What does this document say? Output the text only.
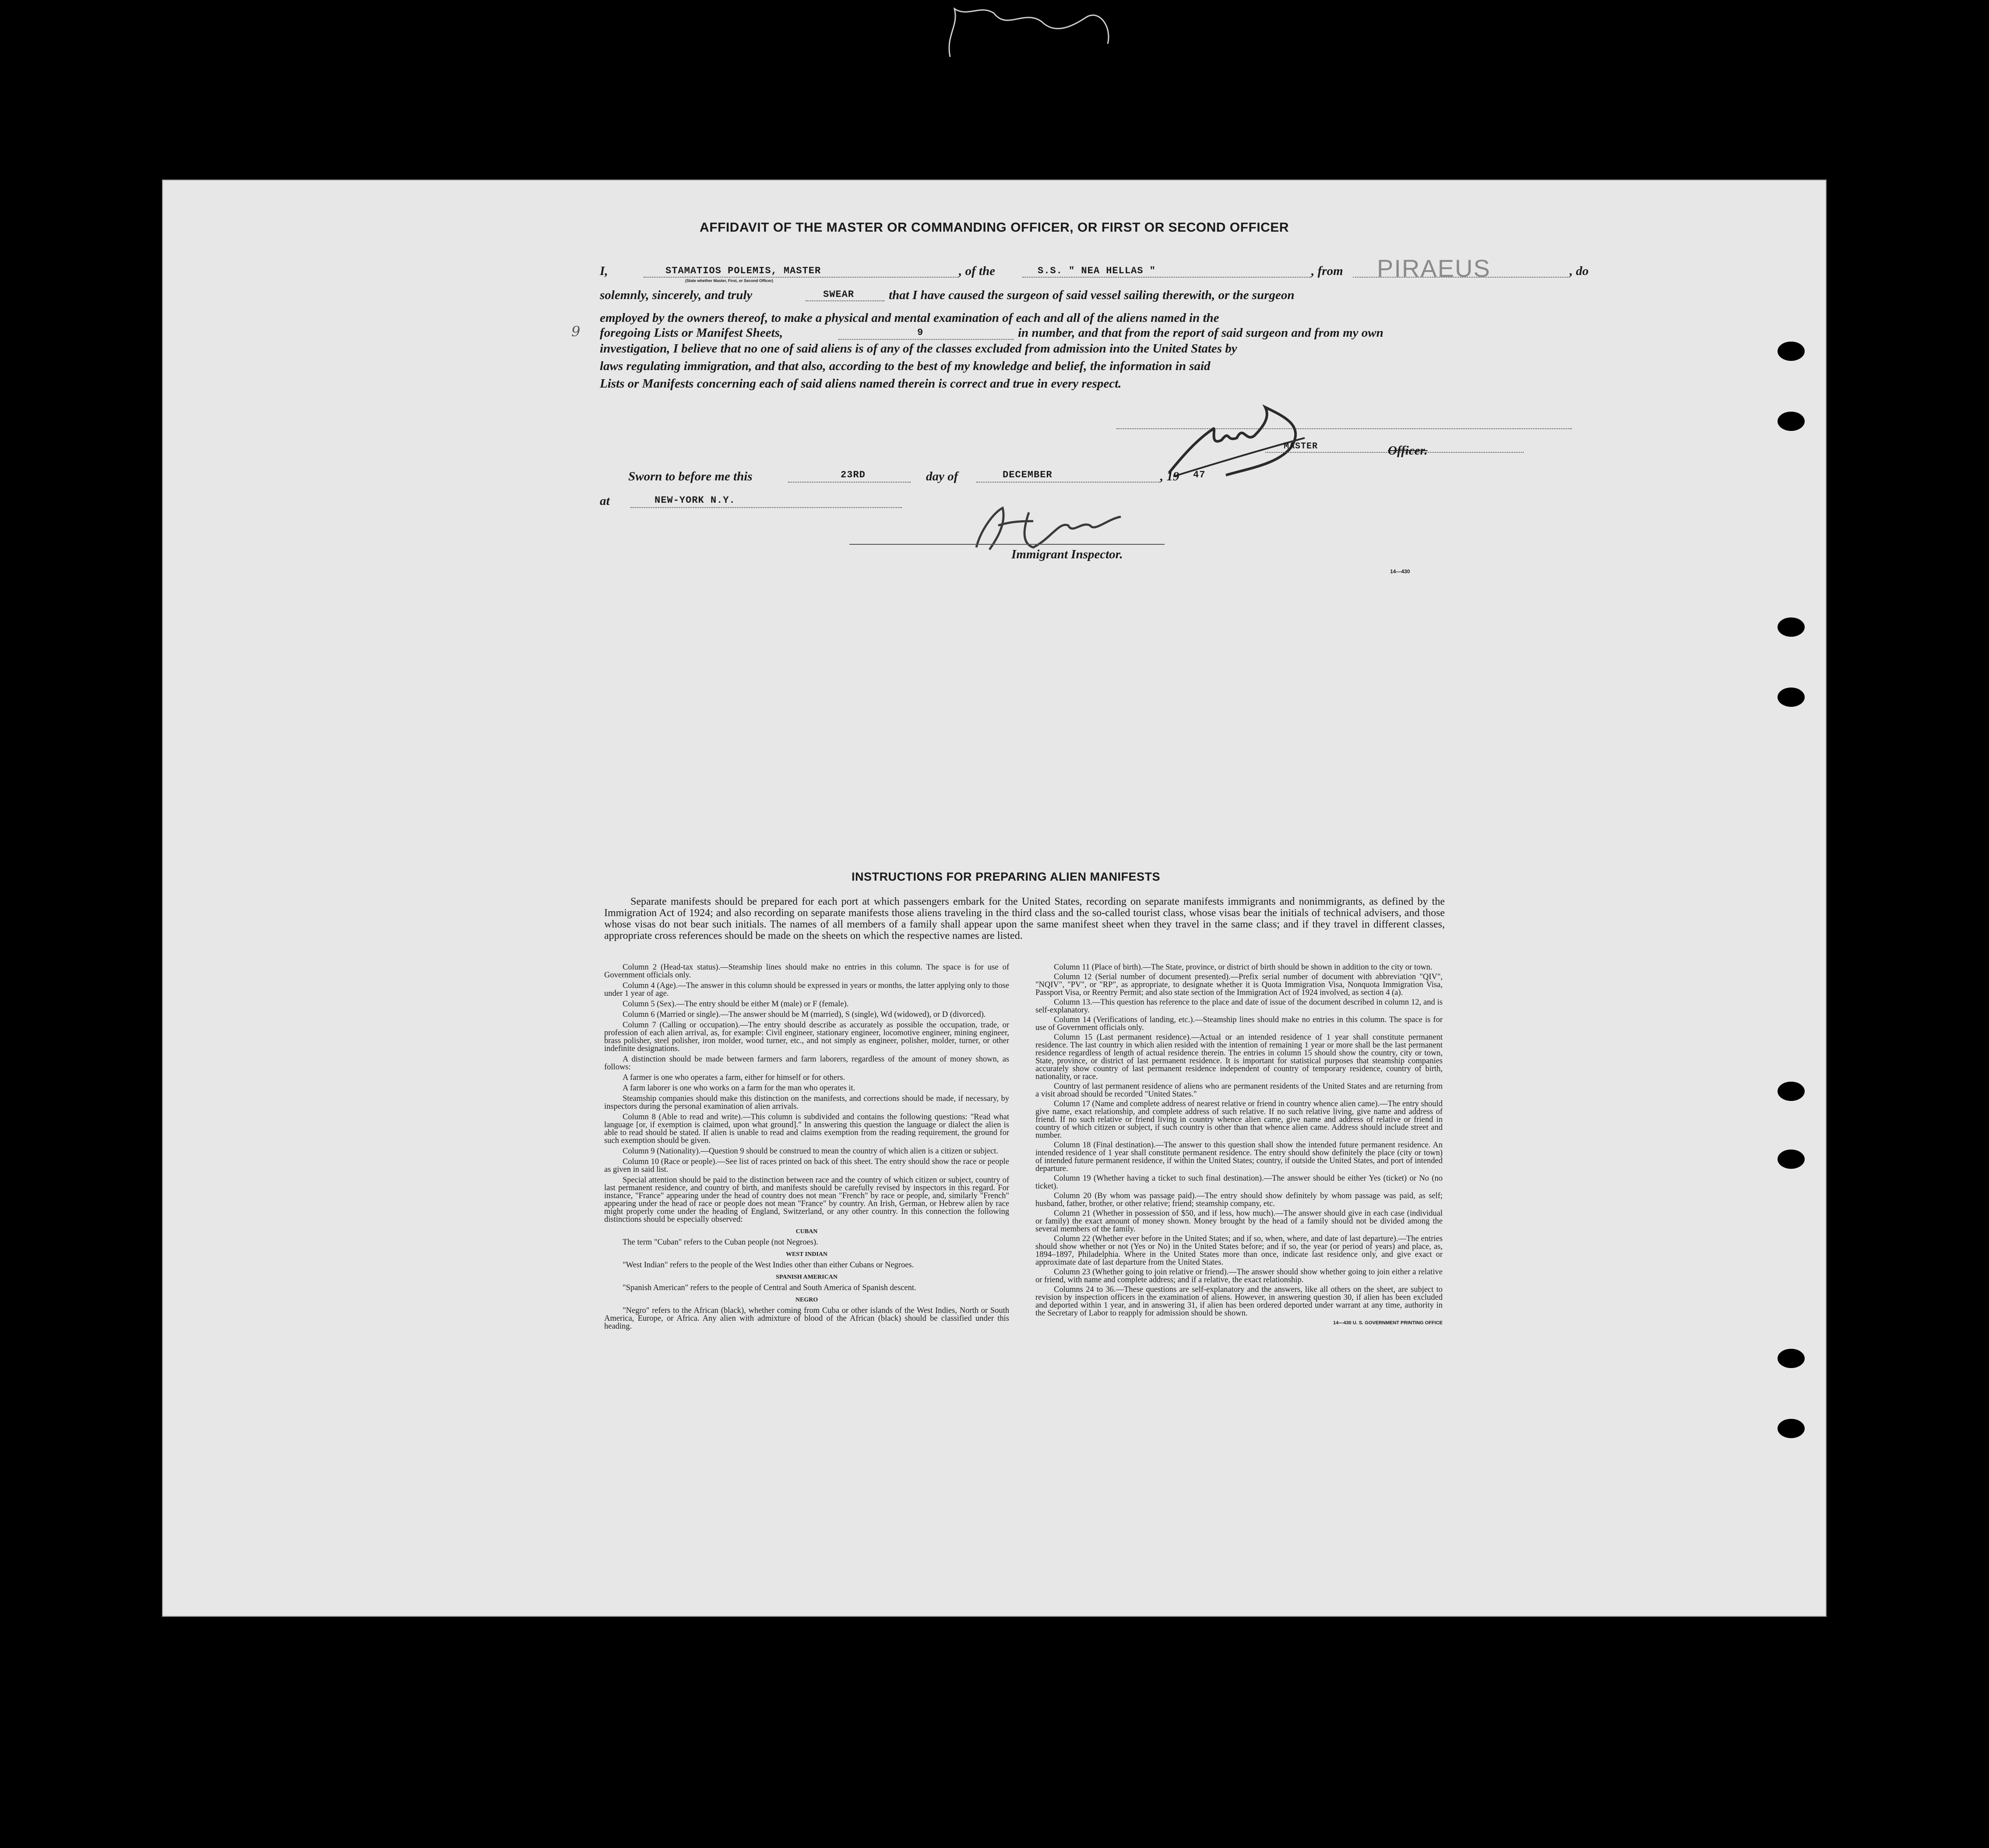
AFFIDAVIT OF THE MASTER OR COMMANDING OFFICER, OR FIRST OR SECOND OFFICER
I,	STAMATIOS POLEMIS, MASTER
(State whether Master, First, or Second Officer)
, of the	S.S. " NEA HELLAS "	, from PIRAEUS	, do
solemnly, sincerely, and truly	SWEAR	that I have caused the surgeon of said vessel sailing therewith, or the surgeon
employed by the owners thereof, to make a physical and mental examination of each and all of the aliens named in the
9 foregoing Lists or Manifest Sheets,	9	in number, and that from the report of said surgeon and from my own
investigation, I believe that no one of said aliens is of any of the classes excluded from admission into the United States by
laws regulating immigration, and that also, according to the best of my knowledge and belief, the information in said
Lists or Manifests concerning each of said aliens named therein is correct and true in every respect.
MASTER	Officer.
Sworn to before me this	23RD	day of	DECEMBER	, 19 47
at	NEW-YORK N.Y.
Immigrant Inspector.
14—430
INSTRUCTIONS FOR PREPARING ALIEN MANIFESTS

Separate manifests should be prepared for each port at which passengers embark for the United States, recording on separate manifests immigrants and nonimmigrants, as defined by the Immigration Act of 1924; and also recording on separate manifests those aliens traveling in the third class and the so-called tourist class, whose visas bear the initials of technical advisers, and those whose visas do not bear such initials. The names of all members of a family shall appear upon the same manifest sheet when they travel in the same class; and if they travel in different classes, appropriate cross references should be made on the sheets on which the respective names are listed.

Column 2 (Head-tax status).—Steamship lines should make no entries in this column. The space is for use of Government officials only.

Column 4 (Age).—The answer in this column should be expressed in years or months, the latter applying only to those under 1 year of age.

Column 5 (Sex).—The entry should be either M (male) or F (female).

Column 6 (Married or single).—The answer should be M (married), S (single), Wd (widowed), or D (divorced).

Column 7 (Calling or occupation).—The entry should describe as accurately as possible the occupation, trade, or profession of each alien arrival, as, for example: Civil engineer, stationary engineer, locomotive engineer, mining engineer, brass polisher, steel polisher, iron molder, wood turner, etc., and not simply as engineer, polisher, molder, turner, or other indefinite designations.

A distinction should be made between farmers and farm laborers, regardless of the amount of money shown, as follows:

A farmer is one who operates a farm, either for himself or for others.

A farm laborer is one who works on a farm for the man who operates it.

Steamship companies should make this distinction on the manifests, and corrections should be made, if necessary, by inspectors during the personal examination of alien arrivals.

Column 8 (Able to read and write).—This column is subdivided and contains the following questions: "Read what language [or, if exemption is claimed, upon what ground]." In answering this question the language or dialect the alien is able to read should be stated. If alien is unable to read and claims exemption from the reading requirement, the ground for such exemption should be given.

Column 9 (Nationality).—Question 9 should be construed to mean the country of which alien is a citizen or subject.

Column 10 (Race or people).—See list of races printed on back of this sheet. The entry should show the race or people as given in said list.

Special attention should be paid to the distinction between race and the country of which citizen or subject, country of last permanent residence, and country of birth, and manifests should be carefully revised by inspectors in this regard. For instance, "France" appearing under the head of country does not mean "French" by race or people, and, similarly "French" appearing under the head of race or people does not mean "France" by country. An Irish, German, or Hebrew alien by race might properly come under the heading of England, Switzerland, or any other country. In this connection the following distinctions should be especially observed:

CUBAN

The term "Cuban" refers to the Cuban people (not Negroes).

WEST INDIAN

"West Indian" refers to the people of the West Indies other than either Cubans or Negroes.

SPANISH AMERICAN

"Spanish American" refers to the people of Central and South America of Spanish descent.

NEGRO

"Negro" refers to the African (black), whether coming from Cuba or other islands of the West Indies, North or South America, Europe, or Africa. Any alien with admixture of blood of the African (black) should be classified under this heading.

Column 11 (Place of birth).—The State, province, or district of birth should be shown in addition to the city or town.

Column 12 (Serial number of document presented).—Prefix serial number of document with abbreviation "QIV", "NQIV", "PV", or "RP", as appropriate, to designate whether it is Quota Immigration Visa, Nonquota Immigration Visa, Passport Visa, or Reentry Permit; and also state section of the Immigration Act of 1924 involved, as section 4 (a).

Column 13.—This question has reference to the place and date of issue of the document described in column 12, and is self-explanatory.

Column 14 (Verifications of landing, etc.).—Steamship lines should make no entries in this column. The space is for use of Government officials only.

Column 15 (Last permanent residence).—Actual or an intended residence of 1 year shall constitute permanent residence. The last country in which alien resided with the intention of remaining 1 year or more shall be the last permanent residence regardless of length of actual residence therein. The entries in column 15 should show the country, city or town, State, province, or district of last permanent residence. It is important for statistical purposes that steamship companies accurately show country of last permanent residence independent of country of temporary residence, country of birth, nationality, or race.

Country of last permanent residence of aliens who are permanent residents of the United States and are returning from a visit abroad should be recorded "United States."

Column 17 (Name and complete address of nearest relative or friend in country whence alien came).—The entry should give name, exact relationship, and complete address of such relative. If no such relative living, give name and address of friend. If no such relative or friend living in country whence alien came, give name and address of relative or friend in country of which citizen or subject, if such country is other than that whence alien came. Address should include street and number.

Column 18 (Final destination).—The answer to this question shall show the intended future permanent residence. An intended residence of 1 year shall constitute permanent residence. The entry should show definitely the place (city or town) of intended future permanent residence, if within the United States; country, if outside the United States, and port of intended departure.

Column 19 (Whether having a ticket to such final destination).—The answer should be either Yes (ticket) or No (no ticket).

Column 20 (By whom was passage paid).—The entry should show definitely by whom passage was paid, as self; husband, father, brother, or other relative; friend; steamship company, etc.

Column 21 (Whether in possession of $50, and if less, how much).—The answer should give in each case (individual or family) the exact amount of money shown. Money brought by the head of a family should not be divided among the several members of the family.

Column 22 (Whether ever before in the United States; and if so, when, where, and date of last departure).—The entries should show whether or not (Yes or No) in the United States before; and if so, the year (or period of years) and place, as, 1894–1897, Philadelphia. Where in the United States more than once, indicate last residence only, and give exact or approximate date of last departure from the United States.

Column 23 (Whether going to join relative or friend).—The answer should show whether going to join either a relative or friend, with name and complete address; and if a relative, the exact relationship.

Columns 24 to 36.—These questions are self-explanatory and the answers, like all others on the sheet, are subject to revision by inspection officers in the examination of aliens. However, in answering question 30, if alien has been excluded and deported within 1 year, and in answering 31, if alien has been ordered deported under warrant at any time, authority in the Secretary of Labor to reapply for admission should be shown.

14—430 U. S. GOVERNMENT PRINTING OFFICE
